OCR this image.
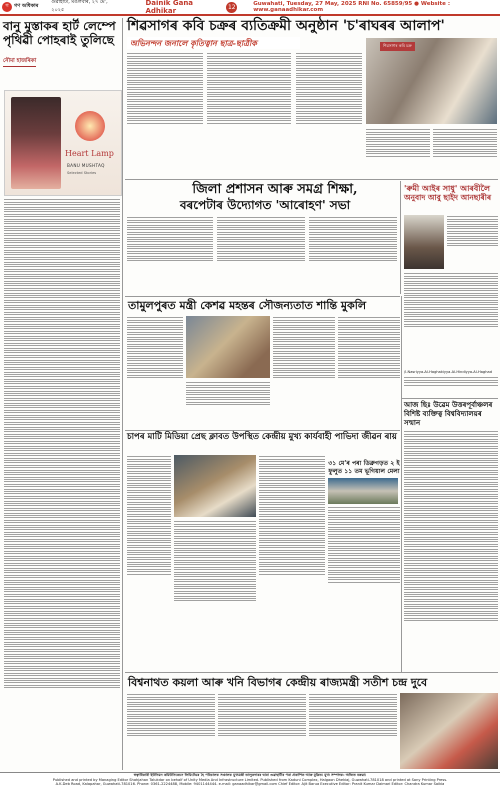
গ	গণ অধিকাৰ
গুৱাহাটী, মঙলবাৰ, ২৭ মে', ২০২৫
Dainik Gana Adhikar	12	Guwahati, Tuesday, 27 May, 2025 RNI No. 65859/95 ● Website : www.ganaadhikar.com
বানু মুস্তাকৰ হাৰ্ট লেম্পে পৃথিৱী পোহৰাই তুলিছে
নৌমা হাজৰিকা
Heart Lamp
BANU MUSHTAQ
Selected Stories
শিৱসাগৰ কবি চক্ৰৰ ব্যতিক্ৰমী অনুষ্ঠান 'চ'ৰাঘৰৰ আলাপ'
অভিনন্দন জনালে কৃতিত্বান ছাত্ৰ-ছাত্ৰীক	শিৱসাগৰ কবি চক্ৰ
জিলা প্ৰশাসন আৰু সমগ্ৰ শিক্ষা,
বৰপেটাৰ উদ্যোগত 'আৰোহণ' সভা
'ৰুমী আইৰ সাধু' আৰবীলৈ
অনুবাদ আবু ছাইদ আনছাৰীৰ
/l-Nasriyya-Al-Haghakiyya-Al-Hindiyya-Al-Haghad
তামুলপুৰত মন্ত্ৰী কেশৱ মহন্তৰ সৌজন্যতাত শান্তি মুকলি
আজ ছিঃ উৱেম উত্তৰপূৰ্বাঞ্চলৰ
বিশিষ্ট ব্যক্তিত্ব বিশ্ববিদ্যালয়ৰ সন্মান
চাপৰ মাটি মিডিয়া প্ৰেছ ক্লাবত উপস্থিত কেন্দ্ৰীয় মুখ্য কাৰ্যবাহী পাভিদা জীৱন ৰায়
৩১ মে'ৰ পৰা ডিব্ৰুগড়ত ২ ই ফুলুত ১১ তম ভূগিয়াল মেলা
বিশ্বনাথত কয়লা আৰু খনি বিভাগৰ কেন্দ্ৰীয় ৰাজ্যমন্ত্ৰী সতীশ চন্দ্ৰ দুবে
স্বত্বাধিকাৰী ইউনিয়ন কমিউনিকেচন লিমিটেডৰ হৈ পৰিচালক সঞ্চালক মুখ্যমন্ত্ৰী তালুকদাৰৰ দ্বাৰা গুৱাহাটীৰ পৰা প্ৰকাশিত আৰু মুদ্ৰিত। মুখ্য সম্পাদক: অজিত বৰুৱা।
Published and printed by Managing Editor Shahjahan Talukdar on behalf of Unity Media And Infrastructure Limited. Published from Kaduni Complex, Halgaon Dhekiaj, Guwahati-781018 and printed at Sony Printing Press.
A.K.Deb Road, Kalapahar, Guwahati-781016. Phone: 0361-2224488, Mobile: 9401144444. e-mail: ganaadhikar@gmail.com Chief Editor: Ajit Barua Executive Editor: Pranit Kumar Daimari Editor: Chandra Kumar Saikia
